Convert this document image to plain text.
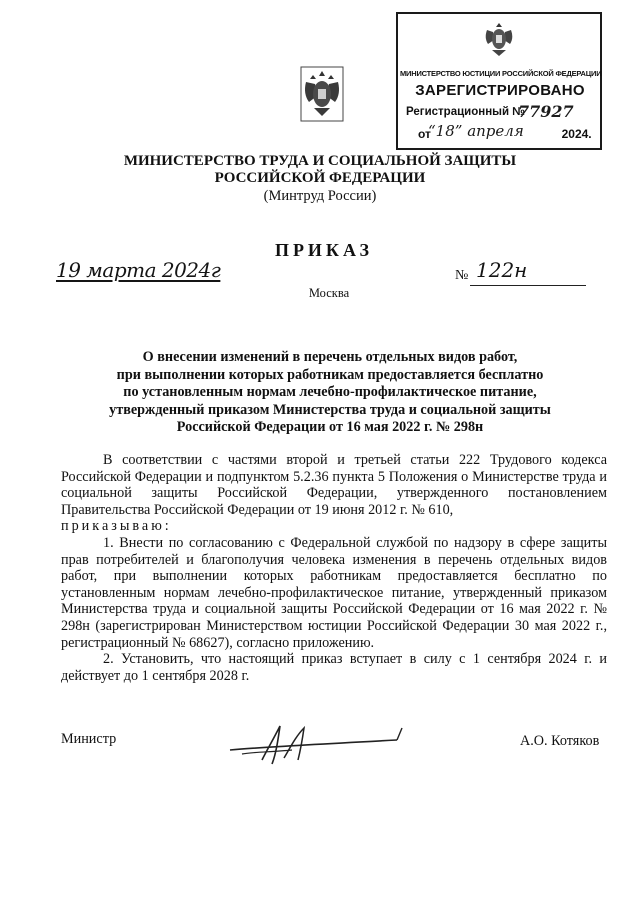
МИНИСТЕРСТВО ЮСТИЦИИ РОССИЙСКОЙ ФЕДЕРАЦИИ
ЗАРЕГИСТРИРОВАНО
Регистрационный №
77927
от	2024.
“18” апреля
МИНИСТЕРСТВО ТРУДА И СОЦИАЛЬНОЙ ЗАЩИТЫ
РОССИЙСКОЙ ФЕДЕРАЦИИ
(Минтруд России)
ПРИКАЗ
19 марта 2024г	№ 122н
Москва
О внесении изменений в перечень отдельных видов работ,
при выполнении которых работникам предоставляется бесплатно
по установленным нормам лечебно-профилактическое питание,
утвержденный приказом Министерства труда и социальной защиты
Российской Федерации от 16 мая 2022 г. № 298н

В соответствии с частями второй и третьей статьи 222 Трудового кодекса Российской Федерации и подпунктом 5.2.36 пункта 5 Положения о Министерстве труда и социальной защиты Российской Федерации, утвержденного постановлением Правительства Российской Федерации от 19 июня 2012 г. № 610,

приказываю:

1. Внести по согласованию с Федеральной службой по надзору в сфере защиты прав потребителей и благополучия человека изменения в перечень отдельных видов работ, при выполнении которых работникам предоставляется бесплатно по установленным нормам лечебно-профилактическое питание, утвержденный приказом Министерства труда и социальной защиты Российской Федерации от 16 мая 2022 г. № 298н (зарегистрирован Министерством юстиции Российской Федерации 30 мая 2022 г., регистрационный № 68627), согласно приложению.

2. Установить, что настоящий приказ вступает в силу с 1 сентября 2024 г. и действует до 1 сентября 2028 г.

Министр	А.О. Котяков
